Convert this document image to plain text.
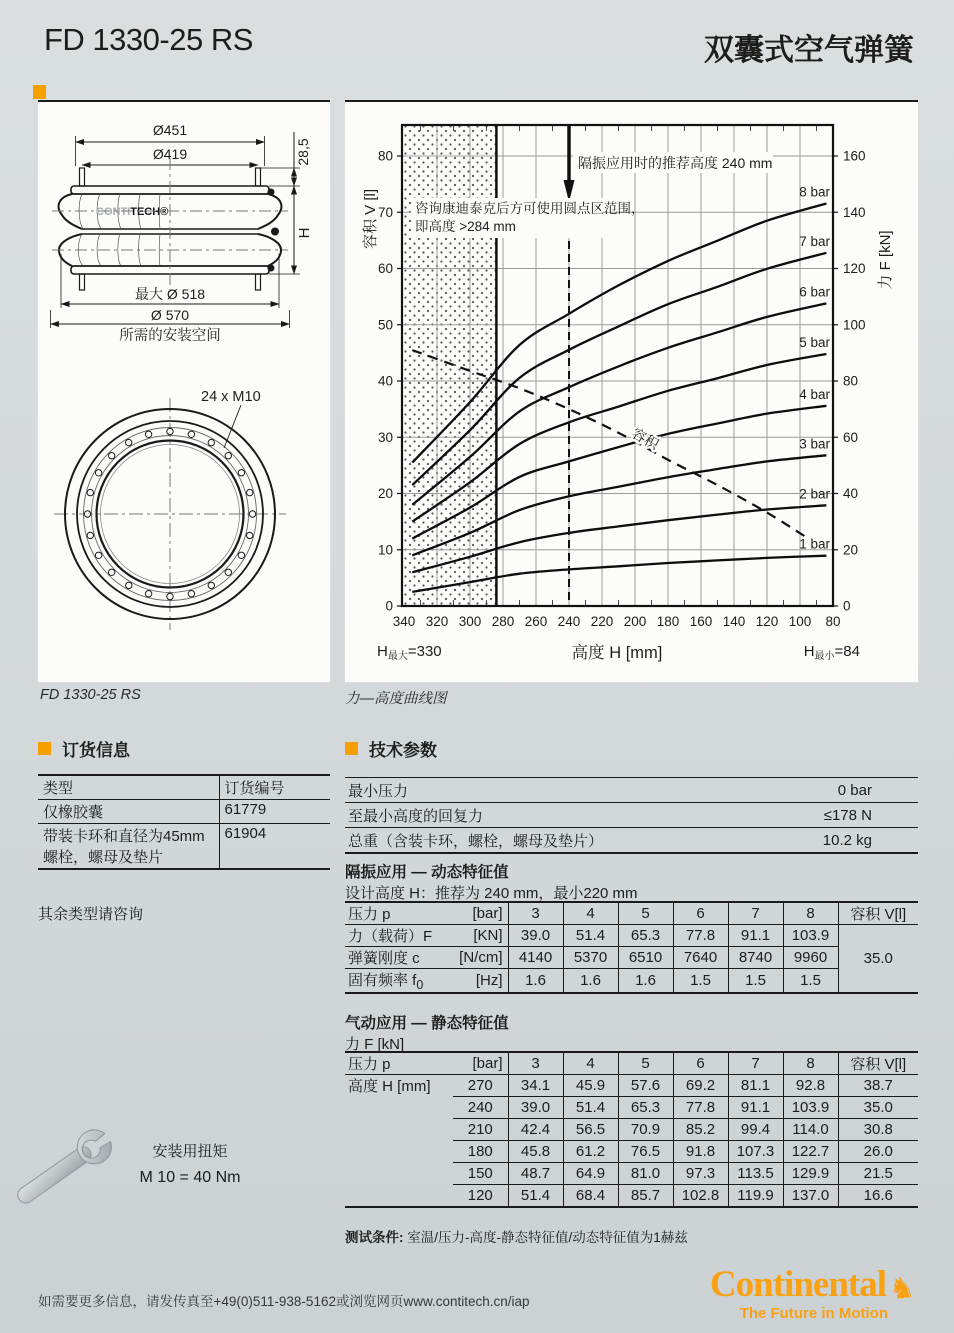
FD 1330-25 RS	双囊式空气弹簧
Ø451
Ø419
CONTITECH®
28,5
H
最大 Ø 518
Ø 570
所需的安装空间
24 x M10
容积 V [l]
力 F [kN]
高度 H [mm]
$H_{最大}=330$	$H_{最小}=84$
1 bar
2 bar
3 bar
4 bar
5 bar
6 bar
7 bar
8 bar
隔振应用时的推荐高度 240 mm
咨询康迪泰克后方可使用圆点区范围，
即高度 >284 mm
容积
0
10
20
30
40
50
60
70
80
0
20
40
60
80
100
120
140
160
340 320 300 280 260 240 220 200 180 160 140 120 100 80
FD 1330-25 RS	力—高度曲线图
订货信息	技术参数
类型	订货编号
仅橡胶囊	61779
带装卡环和直径为45mm螺栓，螺母及垫片	61904
其余类型请咨询
最小压力	0 bar
至最小高度的回复力	≤178 N
总重（含装卡环，螺栓，螺母及垫片）	10.2 kg
隔振应用 — 动态特征值
设计高度 H：推荐为 240 mm，最小220 mm
压力 p	[bar]	3	4	5	6	7	8	容积 V[l]
力（载荷）F	[KN]	39.0	51.4	65.3	77.8	91.1	103.9	35.0
弹簧刚度 c	[N/cm]	4140	5370	6510	7640	8740	9960	
固有频率 $f_0$	[Hz]	1.6	1.6	1.6	1.5	1.5	1.5	
气动应用 — 静态特征值
力 F [kN]
压力 p	[bar]	3	4	5	6	7	8	容积 V[l]
高度 H [mm]	270	34.1	45.9	57.6	69.2	81.1	92.8	38.7
	240	39.0	51.4	65.3	77.8	91.1	103.9	35.0
	210	42.4	56.5	70.9	85.2	99.4	114.0	30.8
	180	45.8	61.2	76.5	91.8	107.3	122.7	26.0
	150	48.7	64.9	81.0	97.3	113.5	129.9	21.5
	120	51.4	68.4	85.7	102.8	119.9	137.0	16.6
测试条件: 室温/压力-高度-静态特征值/动态特征值为1赫兹
安装用扭矩
M 10 = 40 Nm
如需要更多信息，请发传真至+49(0)511-938-5162或浏览网页www.contitech.cn/iap	Continental ♞
The Future in Motion
